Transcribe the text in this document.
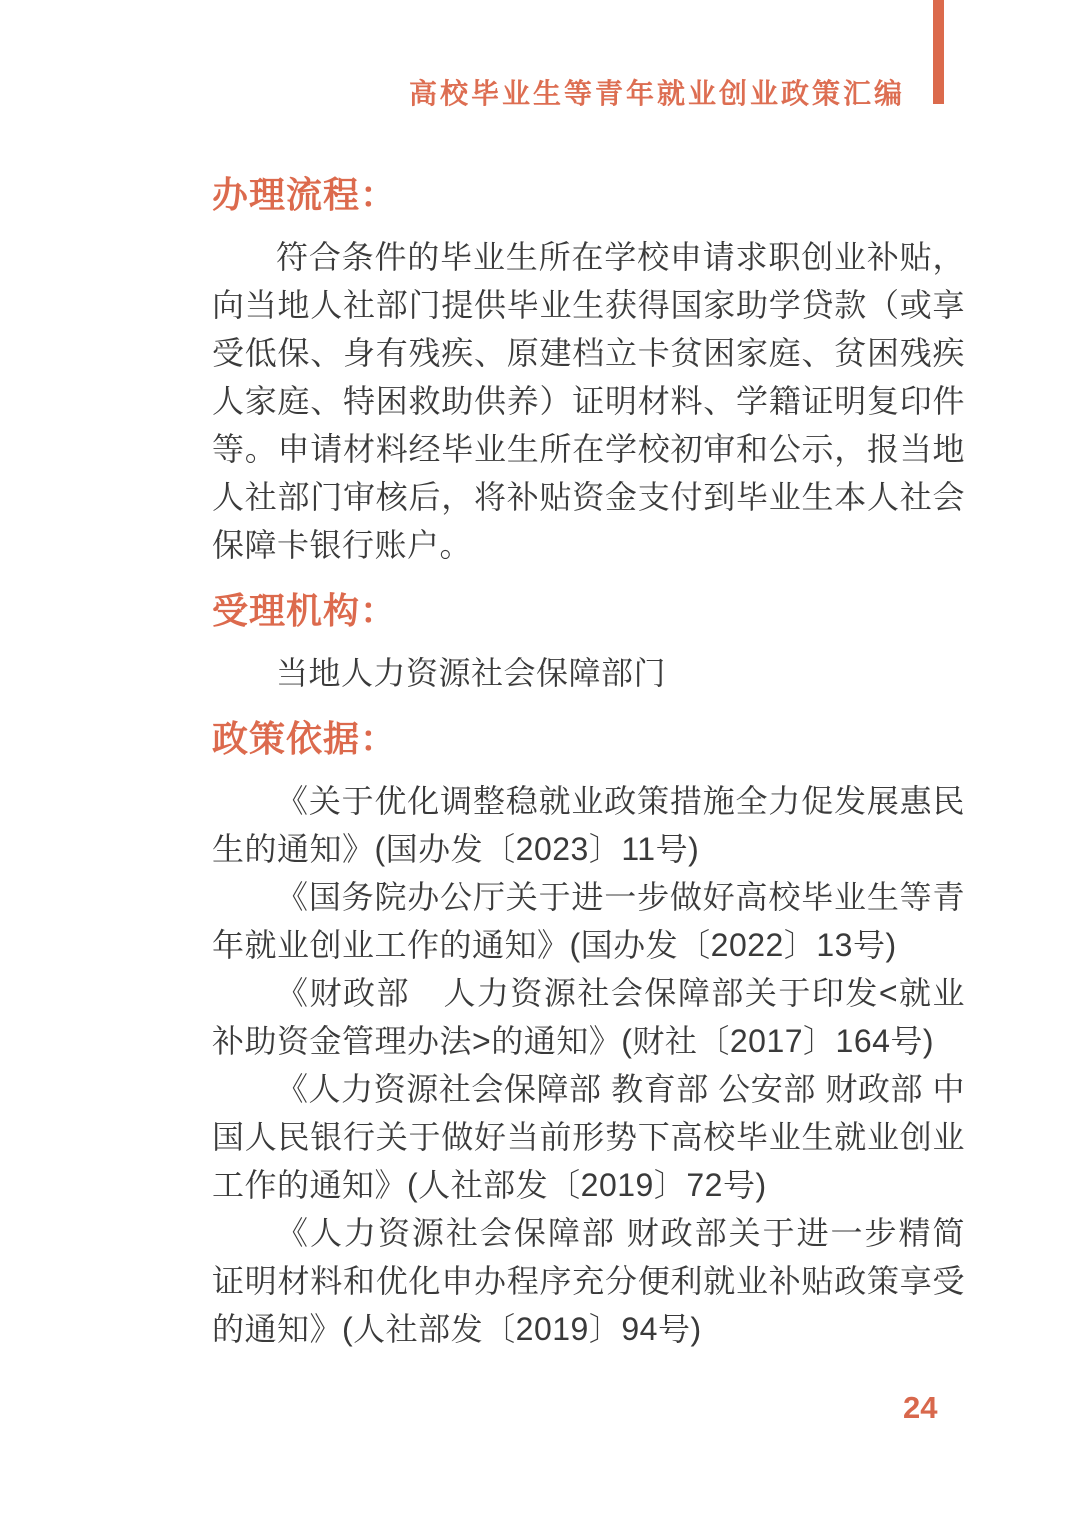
高校毕业生等青年就业创业政策汇编
办理流程：

符合条件的毕业生所在学校申请求职创业补贴，向当地人社部门提供毕业生获得国家助学贷款（或享受低保、身有残疾、原建档立卡贫困家庭、贫困残疾人家庭、特困救助供养）证明材料、学籍证明复印件等。申请材料经毕业生所在学校初审和公示，报当地人社部门审核后，将补贴资金支付到毕业生本人社会保障卡银行账户。

受理机构：

当地人力资源社会保障部门

政策依据：

《关于优化调整稳就业政策措施全力促发展惠民生的通知》(国办发〔2023〕11号)

《国务院办公厅关于进一步做好高校毕业生等青年就业创业工作的通知》(国办发〔2022〕13号)

《财政部　人力资源社会保障部关于印发<就业补助资金管理办法>的通知》(财社〔2017〕164号)

《人力资源社会保障部 教育部 公安部 财政部 中国人民银行关于做好当前形势下高校毕业生就业创业工作的通知》(人社部发〔2019〕72号)

《人力资源社会保障部 财政部关于进一步精简证明材料和优化申办程序充分便利就业补贴政策享受的通知》(人社部发〔2019〕94号)

24
